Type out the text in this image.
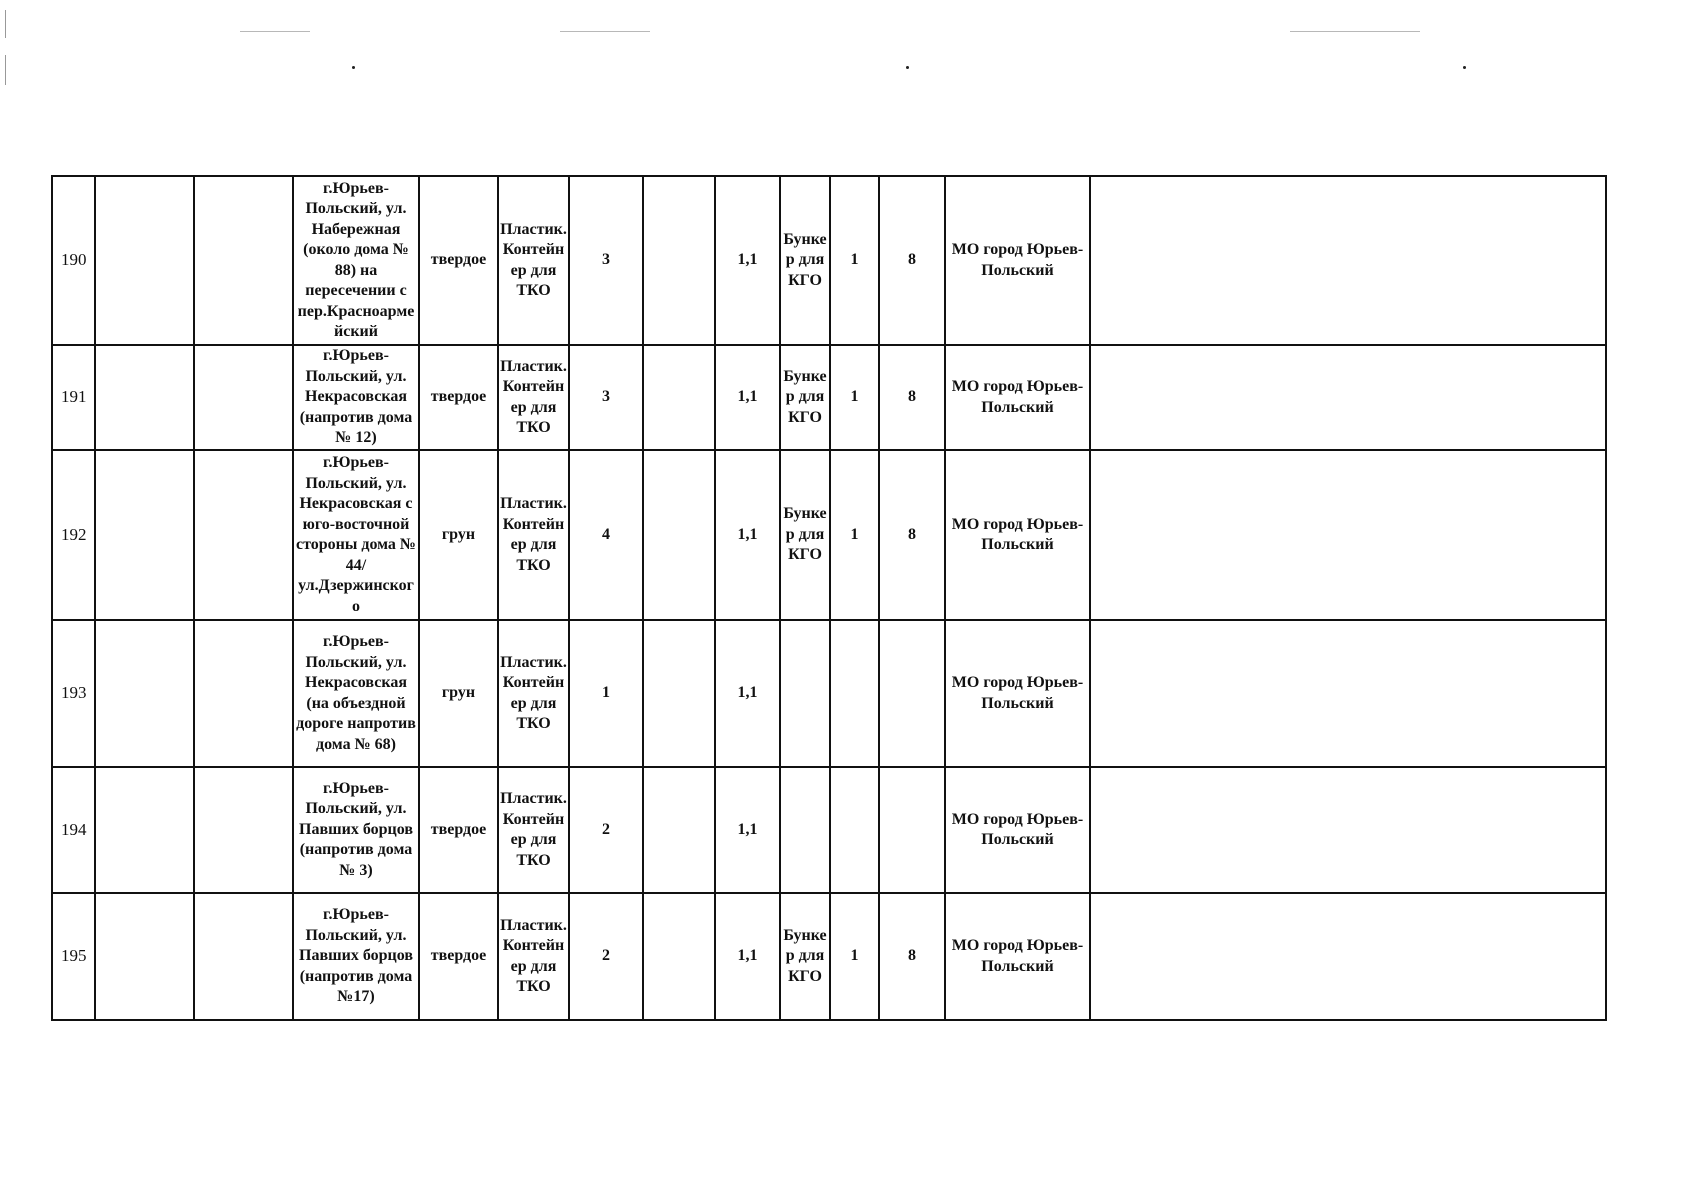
190			г.Юрьев-Польский, ул. Набережная (около дома № 88) на пересечении с пер.Красноармейский	твердое	Пластик. Контейнер для ТКО	3		1,1	Бункер для КГО	1	8	МО город Юрьев-Польский	
191			г.Юрьев-Польский, ул. Некрасовская (напротив дома № 12)	твердое	Пластик. Контейнер для ТКО	3		1,1	Бункер для КГО	1	8	МО город Юрьев-Польский	
192			г.Юрьев-Польский, ул. Некрасовская с юго-восточной стороны дома № 44/ ул.Дзержинского	грун	Пластик. Контейнер для ТКО	4		1,1	Бункер для КГО	1	8	МО город Юрьев-Польский	
193			г.Юрьев-Польский, ул. Некрасовская (на объездной дороге напротив дома № 68)	грун	Пластик. Контейнер для ТКО	1		1,1				МО город Юрьев-Польский	
194			г.Юрьев-Польский, ул. Павших борцов (напротив дома № 3)	твердое	Пластик. Контейнер для ТКО	2		1,1				МО город Юрьев-Польский	
195			г.Юрьев-Польский, ул. Павших борцов (напротив дома №17)	твердое	Пластик. Контейнер для ТКО	2		1,1	Бункер для КГО	1	8	МО город Юрьев-Польский	
